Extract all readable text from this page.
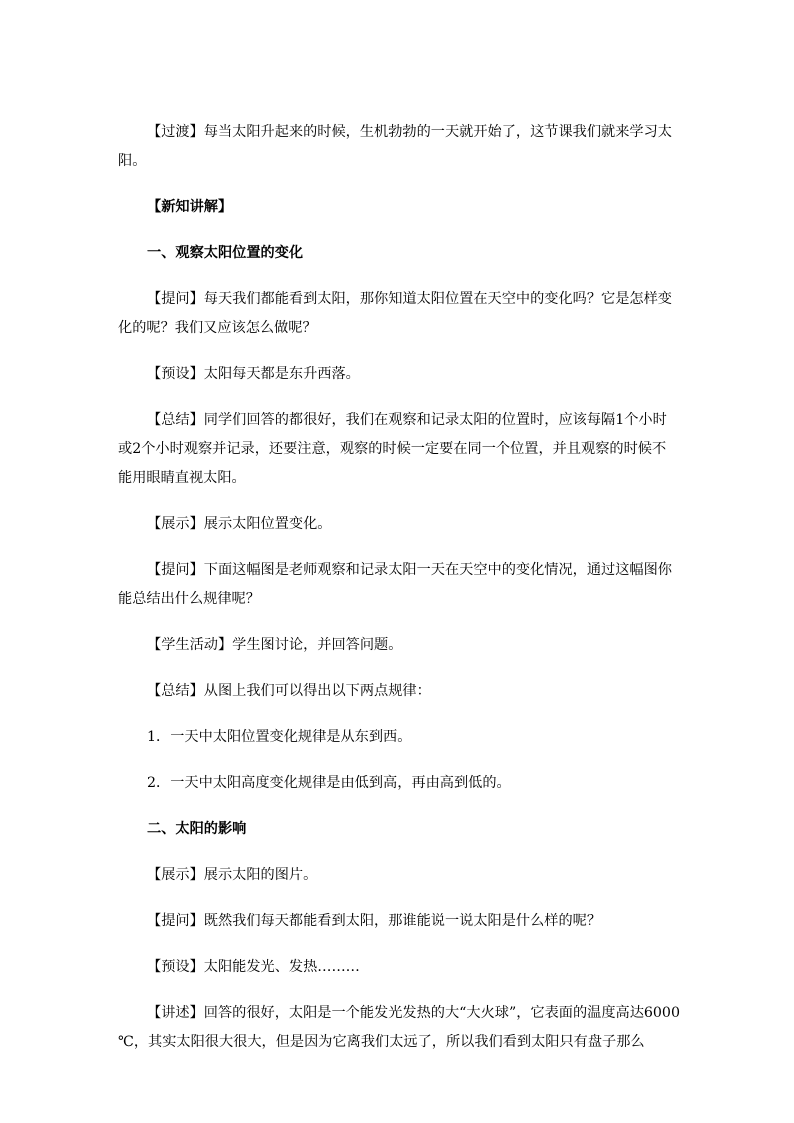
【过渡】每当太阳升起来的时候，生机勃勃的一天就开始了，这节课我们就来学习太阳。

【新知讲解】

一、观察太阳位置的变化

【提问】每天我们都能看到太阳，那你知道太阳位置在天空中的变化吗？它是怎样变化的呢？我们又应该怎么做呢？

【预设】太阳每天都是东升西落。

【总结】同学们回答的都很好，我们在观察和记录太阳的位置时，应该每隔1个小时或2个小时观察并记录，还要注意，观察的时候一定要在同一个位置，并且观察的时候不能用眼睛直视太阳。

【展示】展示太阳位置变化。

【提问】下面这幅图是老师观察和记录太阳一天在天空中的变化情况，通过这幅图你能总结出什么规律呢？

【学生活动】学生图讨论，并回答问题。

【总结】从图上我们可以得出以下两点规律：

1．一天中太阳位置变化规律是从东到西。

2．一天中太阳高度变化规律是由低到高，再由高到低的。

二、太阳的影响

【展示】展示太阳的图片。

【提问】既然我们每天都能看到太阳，那谁能说一说太阳是什么样的呢？

【预设】太阳能发光、发热………

【讲述】回答的很好，太阳是一个能发光发热的大“大火球”，它表面的温度高达6000 ℃，其实太阳很大很大，但是因为它离我们太远了，所以我们看到太阳只有盘子那么
